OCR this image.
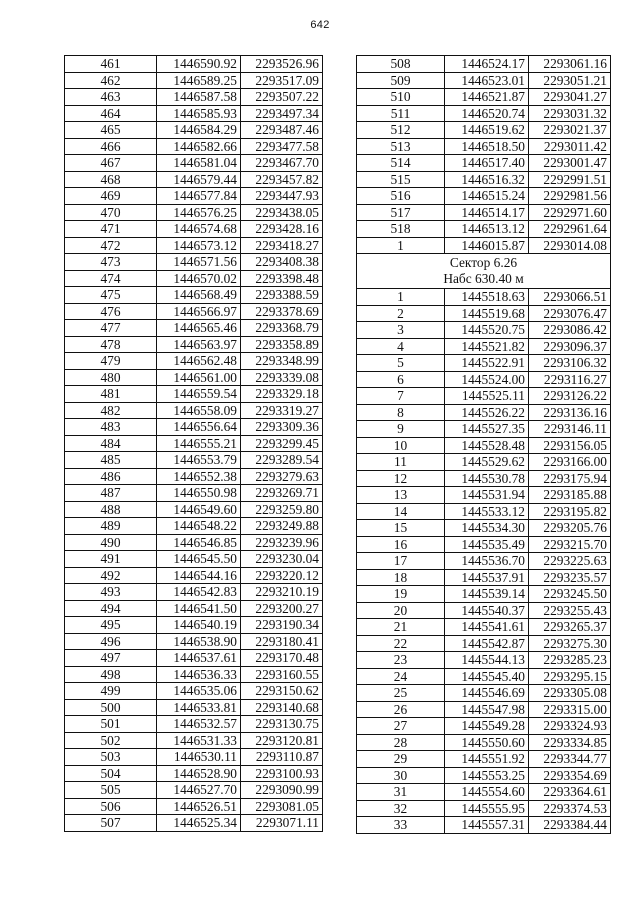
642
461	1446590.92	2293526.96
462	1446589.25	2293517.09
463	1446587.58	2293507.22
464	1446585.93	2293497.34
465	1446584.29	2293487.46
466	1446582.66	2293477.58
467	1446581.04	2293467.70
468	1446579.44	2293457.82
469	1446577.84	2293447.93
470	1446576.25	2293438.05
471	1446574.68	2293428.16
472	1446573.12	2293418.27
473	1446571.56	2293408.38
474	1446570.02	2293398.48
475	1446568.49	2293388.59
476	1446566.97	2293378.69
477	1446565.46	2293368.79
478	1446563.97	2293358.89
479	1446562.48	2293348.99
480	1446561.00	2293339.08
481	1446559.54	2293329.18
482	1446558.09	2293319.27
483	1446556.64	2293309.36
484	1446555.21	2293299.45
485	1446553.79	2293289.54
486	1446552.38	2293279.63
487	1446550.98	2293269.71
488	1446549.60	2293259.80
489	1446548.22	2293249.88
490	1446546.85	2293239.96
491	1446545.50	2293230.04
492	1446544.16	2293220.12
493	1446542.83	2293210.19
494	1446541.50	2293200.27
495	1446540.19	2293190.34
496	1446538.90	2293180.41
497	1446537.61	2293170.48
498	1446536.33	2293160.55
499	1446535.06	2293150.62
500	1446533.81	2293140.68
501	1446532.57	2293130.75
502	1446531.33	2293120.81
503	1446530.11	2293110.87
504	1446528.90	2293100.93
505	1446527.70	2293090.99
506	1446526.51	2293081.05
507	1446525.34	2293071.11
508	1446524.17	2293061.16
509	1446523.01	2293051.21
510	1446521.87	2293041.27
511	1446520.74	2293031.32
512	1446519.62	2293021.37
513	1446518.50	2293011.42
514	1446517.40	2293001.47
515	1446516.32	2292991.51
516	1446515.24	2292981.56
517	1446514.17	2292971.60
518	1446513.12	2292961.64
1	1446015.87	2293014.08

Сектор 6.26
Набс 630.40 м		

1	1445518.63	2293066.51
2	1445519.68	2293076.47
3	1445520.75	2293086.42
4	1445521.82	2293096.37
5	1445522.91	2293106.32
6	1445524.00	2293116.27
7	1445525.11	2293126.22
8	1445526.22	2293136.16
9	1445527.35	2293146.11
10	1445528.48	2293156.05
11	1445529.62	2293166.00
12	1445530.78	2293175.94
13	1445531.94	2293185.88
14	1445533.12	2293195.82
15	1445534.30	2293205.76
16	1445535.49	2293215.70
17	1445536.70	2293225.63
18	1445537.91	2293235.57
19	1445539.14	2293245.50
20	1445540.37	2293255.43
21	1445541.61	2293265.37
22	1445542.87	2293275.30
23	1445544.13	2293285.23
24	1445545.40	2293295.15
25	1445546.69	2293305.08
26	1445547.98	2293315.00
27	1445549.28	2293324.93
28	1445550.60	2293334.85
29	1445551.92	2293344.77
30	1445553.25	2293354.69
31	1445554.60	2293364.61
32	1445555.95	2293374.53
33	1445557.31	2293384.44
